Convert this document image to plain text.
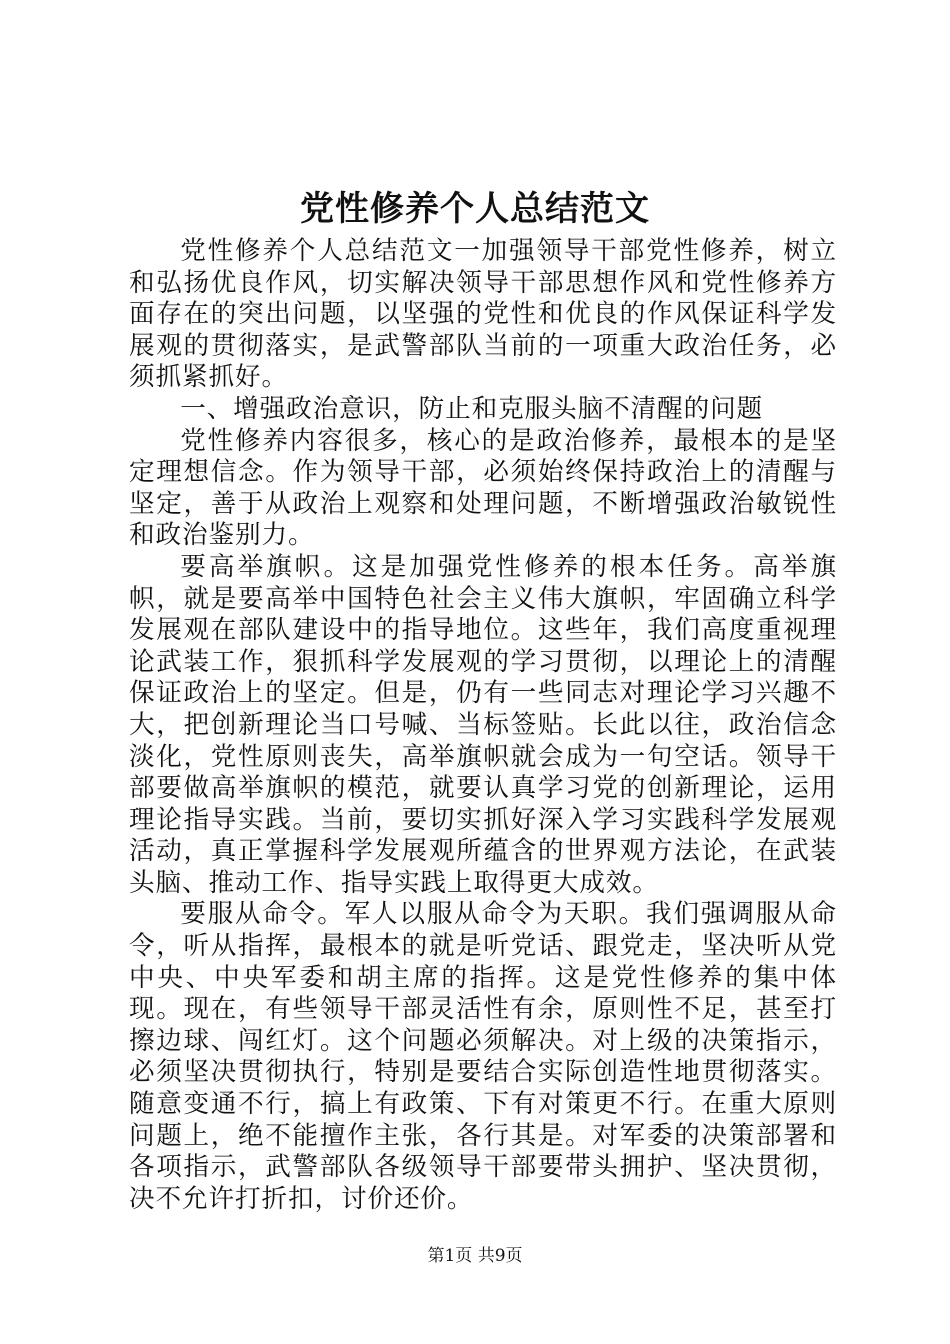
党性修养个人总结范文

党性修养个人总结范文一加强领导干部党性修养，树立和弘扬优良作风，切实解决领导干部思想作风和党性修养方面存在的突出问题，以坚强的党性和优良的作风保证科学发展观的贯彻落实，是武警部队当前的一项重大政治任务，必须抓紧抓好。

一、增强政治意识，防止和克服头脑不清醒的问题

党性修养内容很多，核心的是政治修养，最根本的是坚定理想信念。作为领导干部，必须始终保持政治上的清醒与坚定，善于从政治上观察和处理问题，不断增强政治敏锐性和政治鉴别力。

要高举旗帜。这是加强党性修养的根本任务。高举旗帜，就是要高举中国特色社会主义伟大旗帜，牢固确立科学发展观在部队建设中的指导地位。这些年，我们高度重视理论武装工作，狠抓科学发展观的学习贯彻，以理论上的清醒保证政治上的坚定。但是，仍有一些同志对理论学习兴趣不大，把创新理论当口号喊、当标签贴。长此以往，政治信念淡化，党性原则丧失，高举旗帜就会成为一句空话。领导干部要做高举旗帜的模范，就要认真学习党的创新理论，运用理论指导实践。当前，要切实抓好深入学习实践科学发展观活动，真正掌握科学发展观所蕴含的世界观方法论，在武装头脑、推动工作、指导实践上取得更大成效。

要服从命令。军人以服从命令为天职。我们强调服从命令，听从指挥，最根本的就是听党话、跟党走，坚决听从党中央、中央军委和胡主席的指挥。这是党性修养的集中体现。现在，有些领导干部灵活性有余，原则性不足，甚至打擦边球、闯红灯。这个问题必须解决。对上级的决策指示，必须坚决贯彻执行，特别是要结合实际创造性地贯彻落实。随意变通不行，搞上有政策、下有对策更不行。在重大原则问题上，绝不能擅作主张，各行其是。对军委的决策部署和各项指示，武警部队各级领导干部要带头拥护、坚决贯彻，决不允许打折扣，讨价还价。

第1页 共9页
